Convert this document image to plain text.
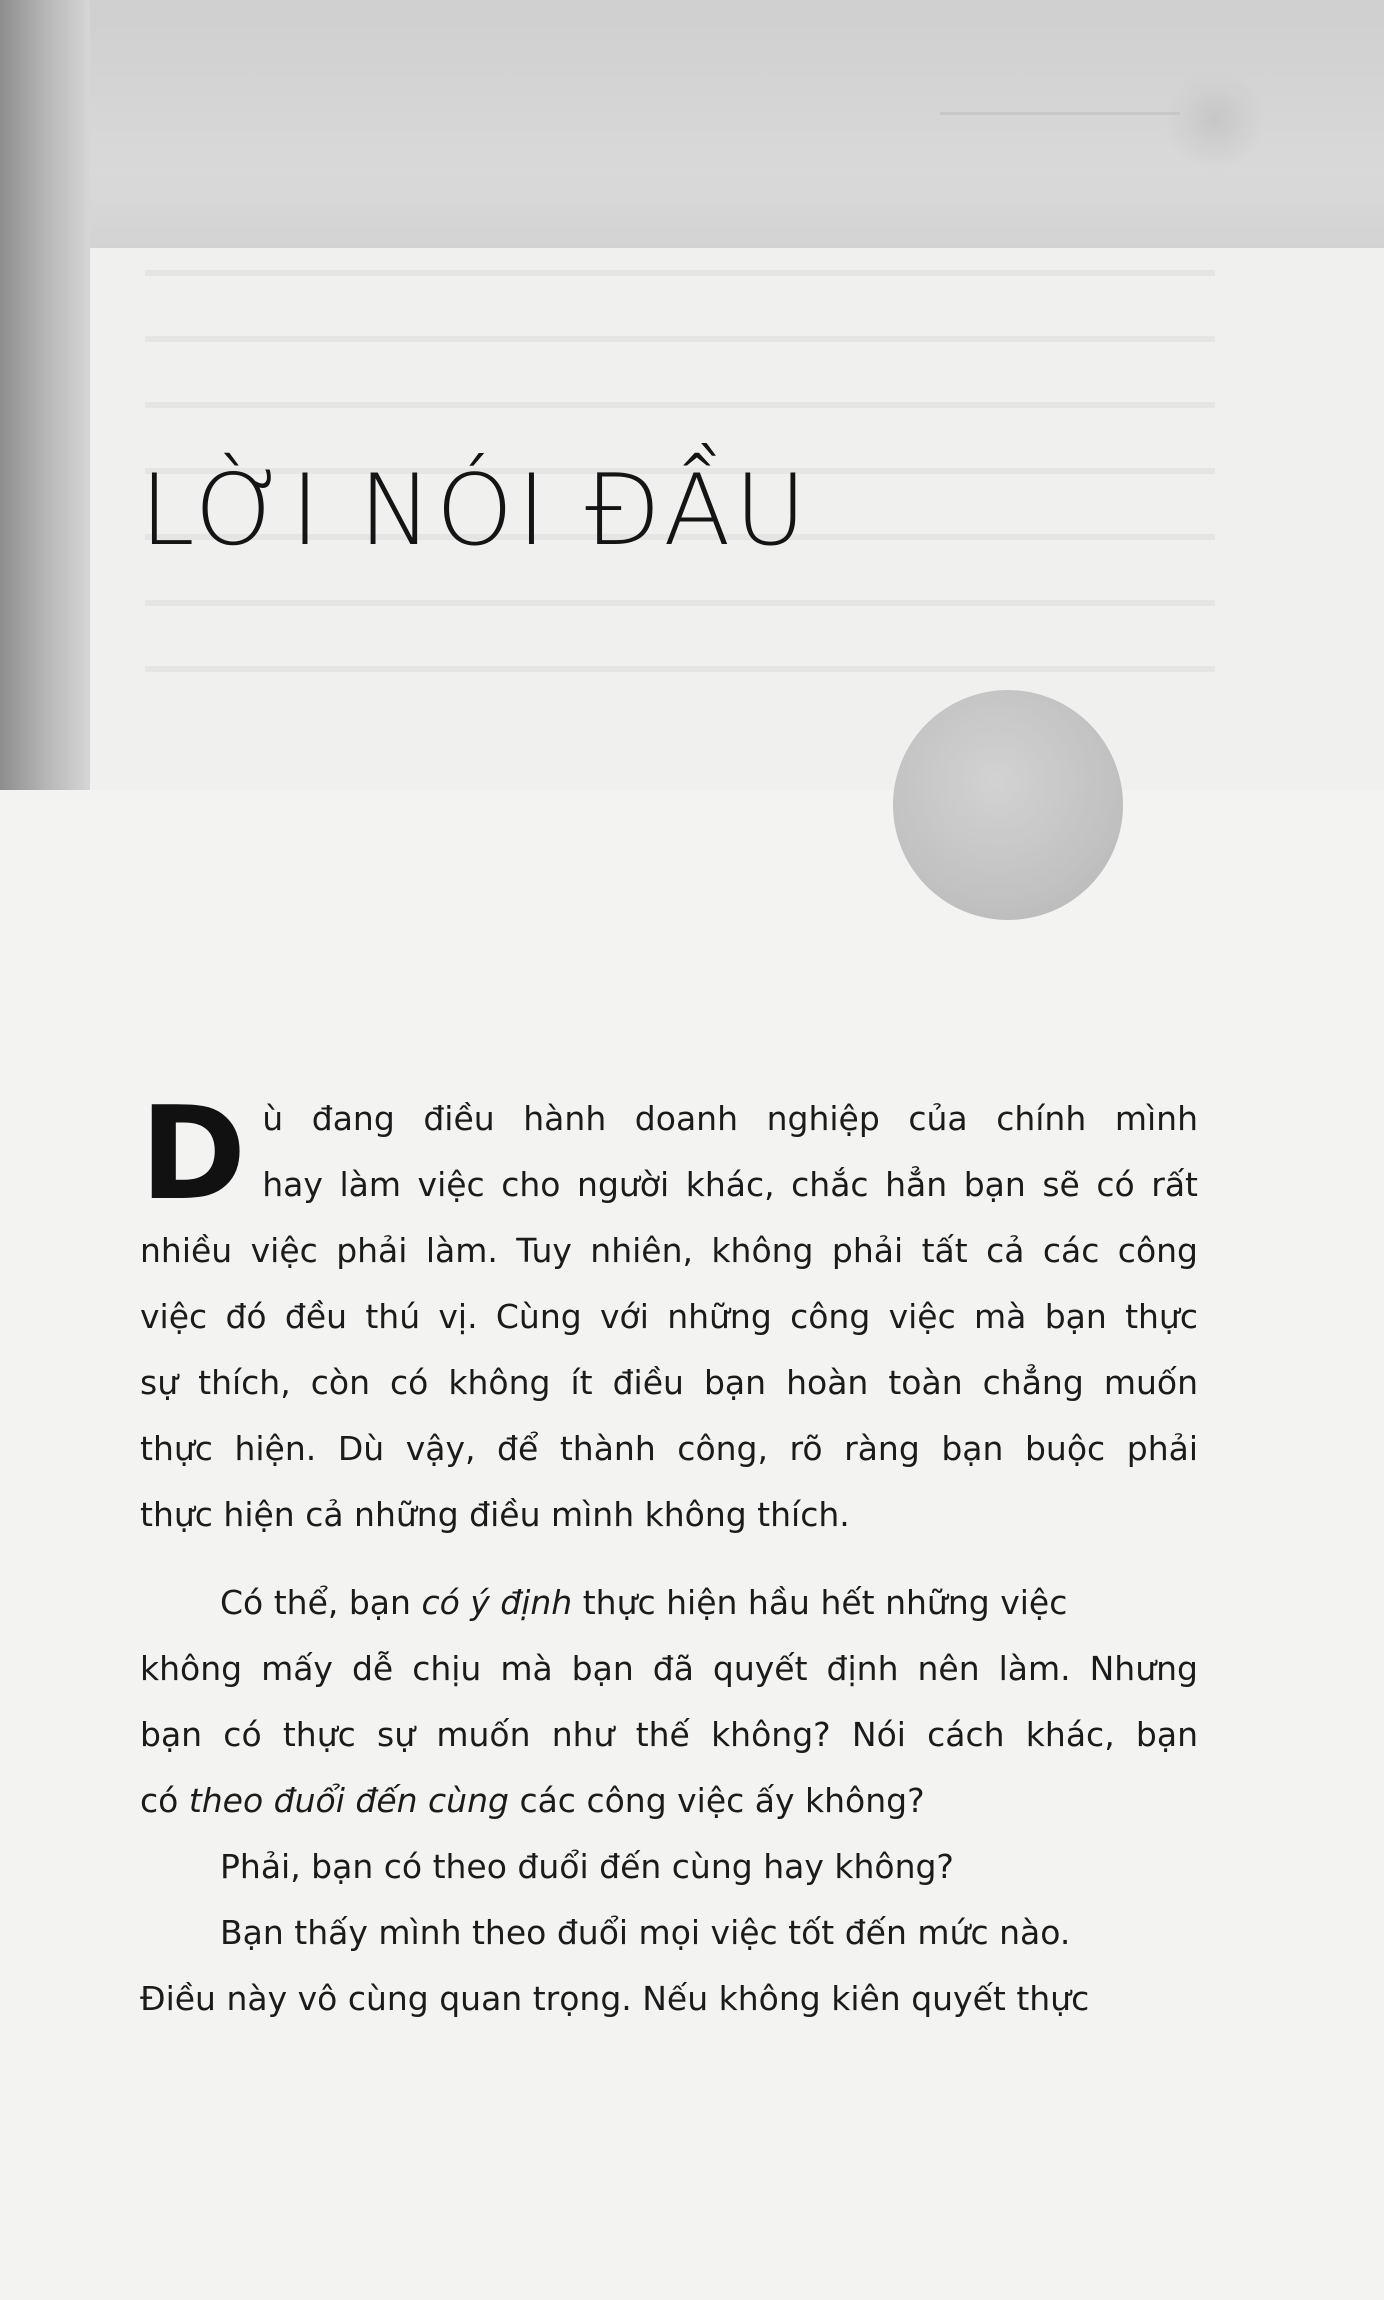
LỜI NÓI ĐẦU
D ù đang điều hành doanh nghiệp của chính mình
hay làm việc cho người khác, chắc hẳn bạn sẽ có rất
nhiều việc phải làm. Tuy nhiên, không phải tất cả các công
việc đó đều thú vị. Cùng với những công việc mà bạn thực
sự thích, còn có không ít điều bạn hoàn toàn chẳng muốn
thực hiện. Dù vậy, để thành công, rõ ràng bạn buộc phải
thực hiện cả những điều mình không thích.
Có thể, bạn có ý định thực hiện hầu hết những việc
không mấy dễ chịu mà bạn đã quyết định nên làm. Nhưng
bạn có thực sự muốn như thế không? Nói cách khác, bạn
có theo đuổi đến cùng các công việc ấy không?
Phải, bạn có theo đuổi đến cùng hay không?
Bạn thấy mình theo đuổi mọi việc tốt đến mức nào.
Điều này vô cùng quan trọng. Nếu không kiên quyết thực
